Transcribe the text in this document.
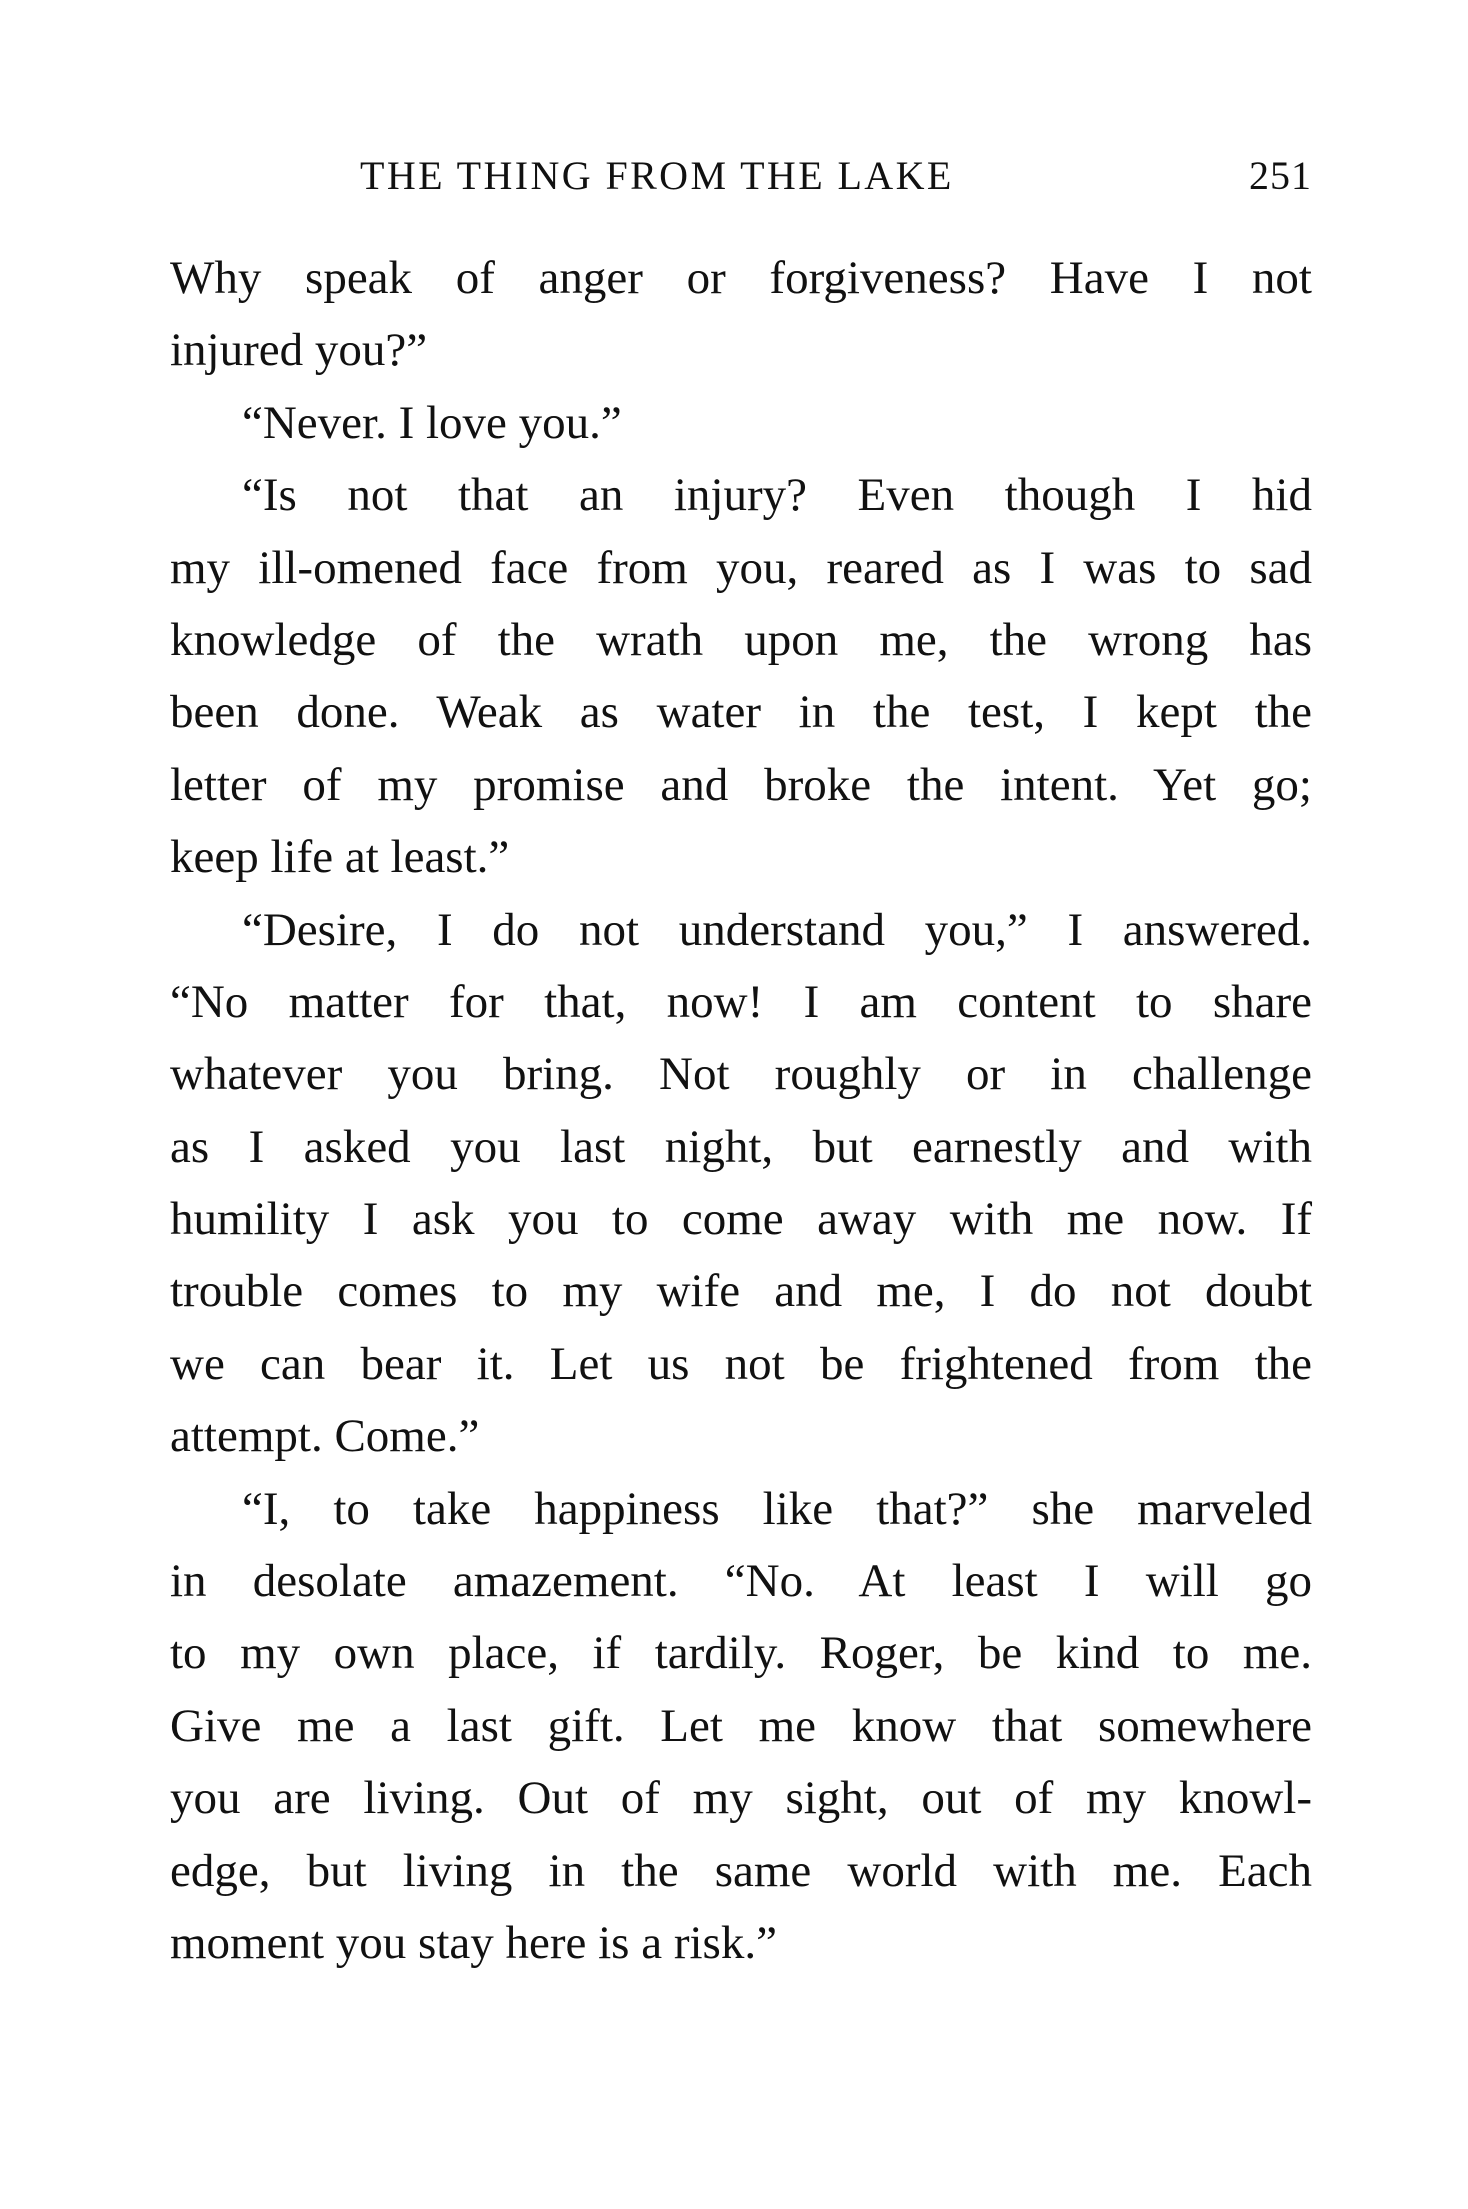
THE THING FROM THE LAKE	251
Why speak of anger or forgiveness? Have I not
injured you?”
“Never. I love you.”
“Is not that an injury? Even though I hid
my ill-omened face from you, reared as I was to sad
knowledge of the wrath upon me, the wrong has
been done. Weak as water in the test, I kept the
letter of my promise and broke the intent. Yet go;
keep life at least.”
“Desire, I do not understand you,” I answered.
“No matter for that, now! I am content to share
whatever you bring. Not roughly or in challenge
as I asked you last night, but earnestly and with
humility I ask you to come away with me now. If
trouble comes to my wife and me, I do not doubt
we can bear it. Let us not be frightened from the
attempt. Come.”
“I, to take happiness like that?” she marveled
in desolate amazement. “No. At least I will go
to my own place, if tardily. Roger, be kind to me.
Give me a last gift. Let me know that somewhere
you are living. Out of my sight, out of my knowl-
edge, but living in the same world with me. Each
moment you stay here is a risk.”
